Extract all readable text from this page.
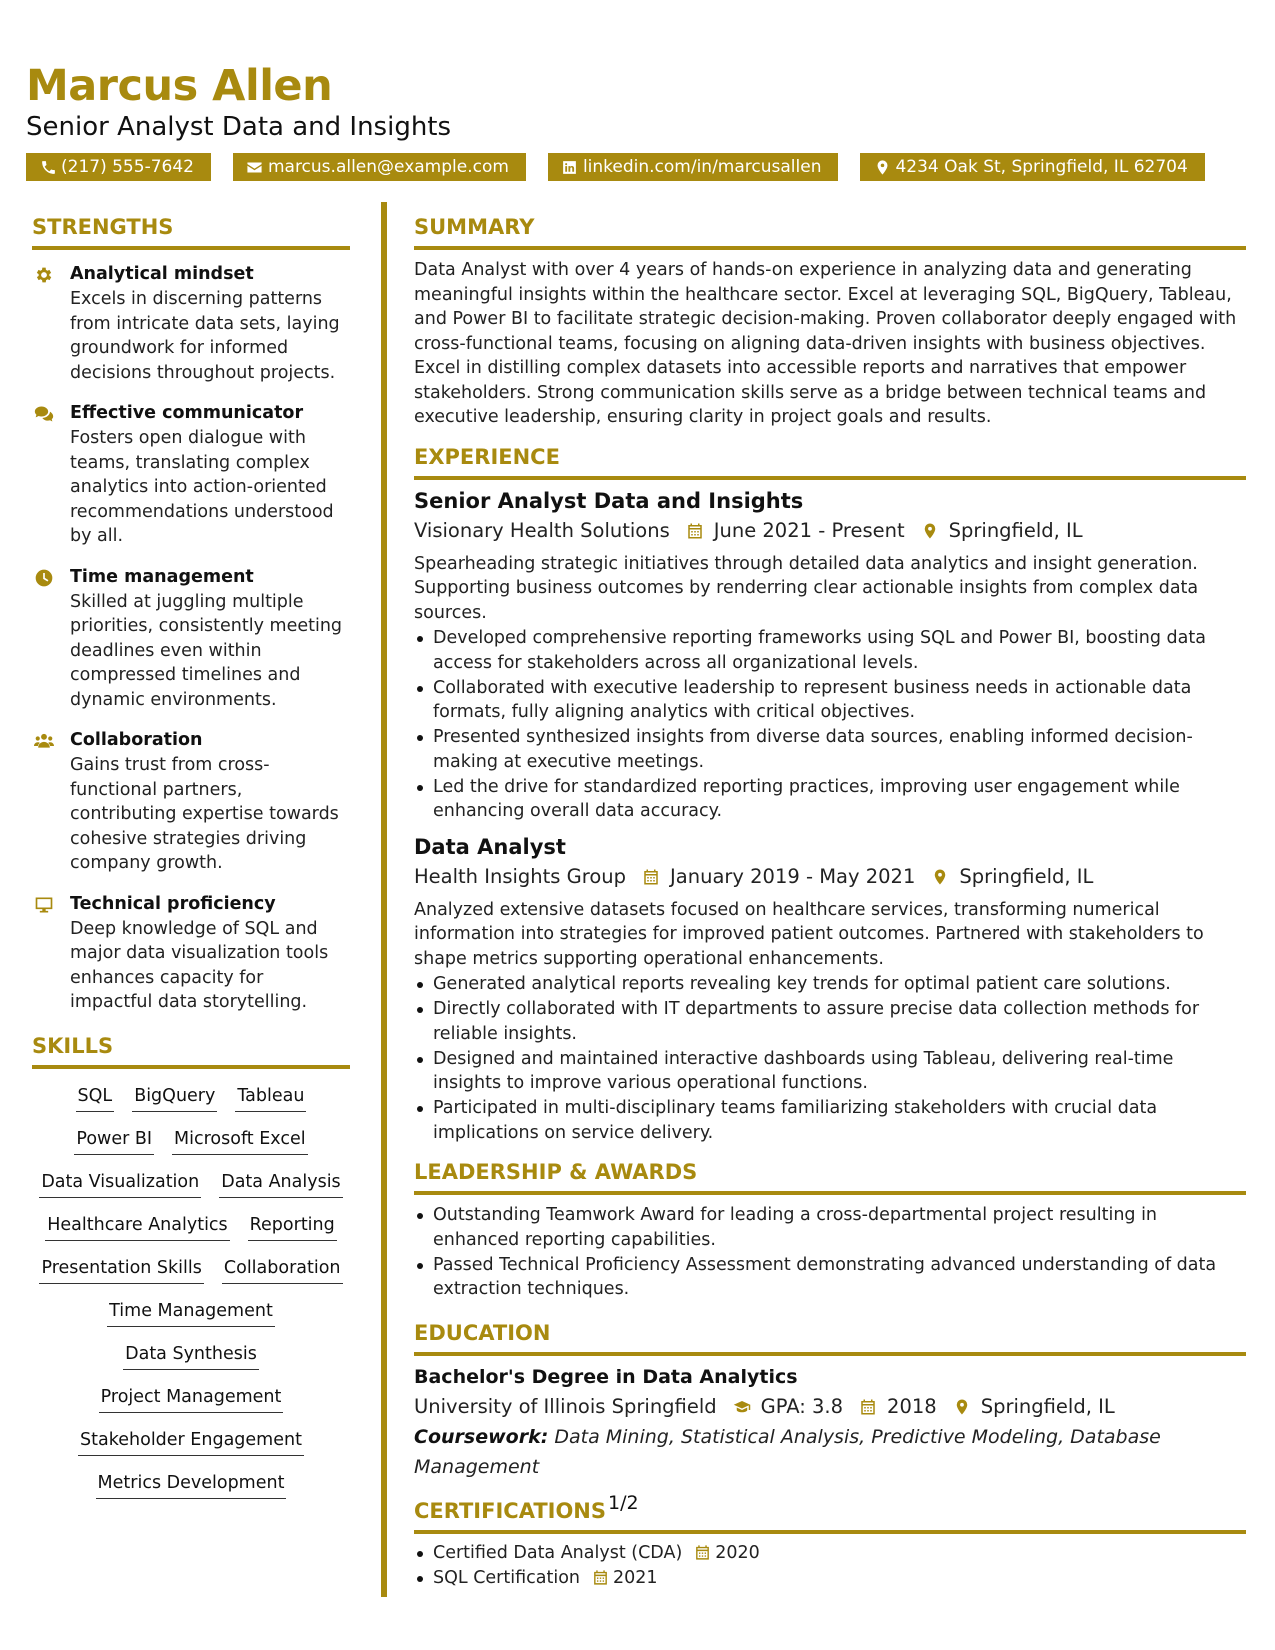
Marcus Allen
Senior Analyst Data and Insights
(217) 555-7642	marcus.allen@example.com	linkedin.com/in/marcusallen	4234 Oak St, Springfield, IL 62704
STRENGTHS
Analytical mindset
Excels in discerning patterns from intricate data sets, laying groundwork for informed decisions throughout projects.
Effective communicator
Fosters open dialogue with teams, translating complex analytics into action-oriented recommendations understood by all.
Time management
Skilled at juggling multiple priorities, consistently meeting deadlines even within compressed timelines and dynamic environments.
Collaboration
Gains trust from cross-functional partners, contributing expertise towards cohesive strategies driving company growth.
Technical proficiency
Deep knowledge of SQL and major data visualization tools enhances capacity for impactful data storytelling.
SKILLS
SQL BigQuery Tableau
Power BI Microsoft Excel
Data Visualization Data Analysis
Healthcare Analytics Reporting
Presentation Skills Collaboration
Time Management
Data Synthesis
Project Management
Stakeholder Engagement
Metrics Development
SUMMARY
Data Analyst with over 4 years of hands-on experience in analyzing data and generating meaningful insights within the healthcare sector. Excel at leveraging SQL, BigQuery, Tableau, and Power BI to facilitate strategic decision-making. Proven collaborator deeply engaged with cross-functional teams, focusing on aligning data-driven insights with business objectives. Excel in distilling complex datasets into accessible reports and narratives that empower stakeholders. Strong communication skills serve as a bridge between technical teams and executive leadership, ensuring clarity in project goals and results.
EXPERIENCE
Senior Analyst Data and Insights
Visionary Health Solutions June 2021 - Present Springfield, IL
Spearheading strategic initiatives through detailed data analytics and insight generation. Supporting business outcomes by renderring clear actionable insights from complex data sources.
Developed comprehensive reporting frameworks using SQL and Power BI, boosting data access for stakeholders across all organizational levels.
Collaborated with executive leadership to represent business needs in actionable data formats, fully aligning analytics with critical objectives.
Presented synthesized insights from diverse data sources, enabling informed decision-making at executive meetings.
Led the drive for standardized reporting practices, improving user engagement while enhancing overall data accuracy.
Data Analyst
Health Insights Group January 2019 - May 2021 Springfield, IL
Analyzed extensive datasets focused on healthcare services, transforming numerical information into strategies for improved patient outcomes. Partnered with stakeholders to shape metrics supporting operational enhancements.
Generated analytical reports revealing key trends for optimal patient care solutions.
Directly collaborated with IT departments to assure precise data collection methods for reliable insights.
Designed and maintained interactive dashboards using Tableau, delivering real-time insights to improve various operational functions.
Participated in multi-disciplinary teams familiarizing stakeholders with crucial data implications on service delivery.
LEADERSHIP & AWARDS
Outstanding Teamwork Award for leading a cross-departmental project resulting in enhanced reporting capabilities.
Passed Technical Proficiency Assessment demonstrating advanced understanding of data extraction techniques.
EDUCATION
Bachelor's Degree in Data Analytics
University of Illinois Springfield GPA: 3.8 2018 Springfield, IL
Coursework: Data Mining, Statistical Analysis, Predictive Modeling, Database Management
CERTIFICATIONS
Certified Data Analyst (CDA) 2020
SQL Certification 2021
1/2
